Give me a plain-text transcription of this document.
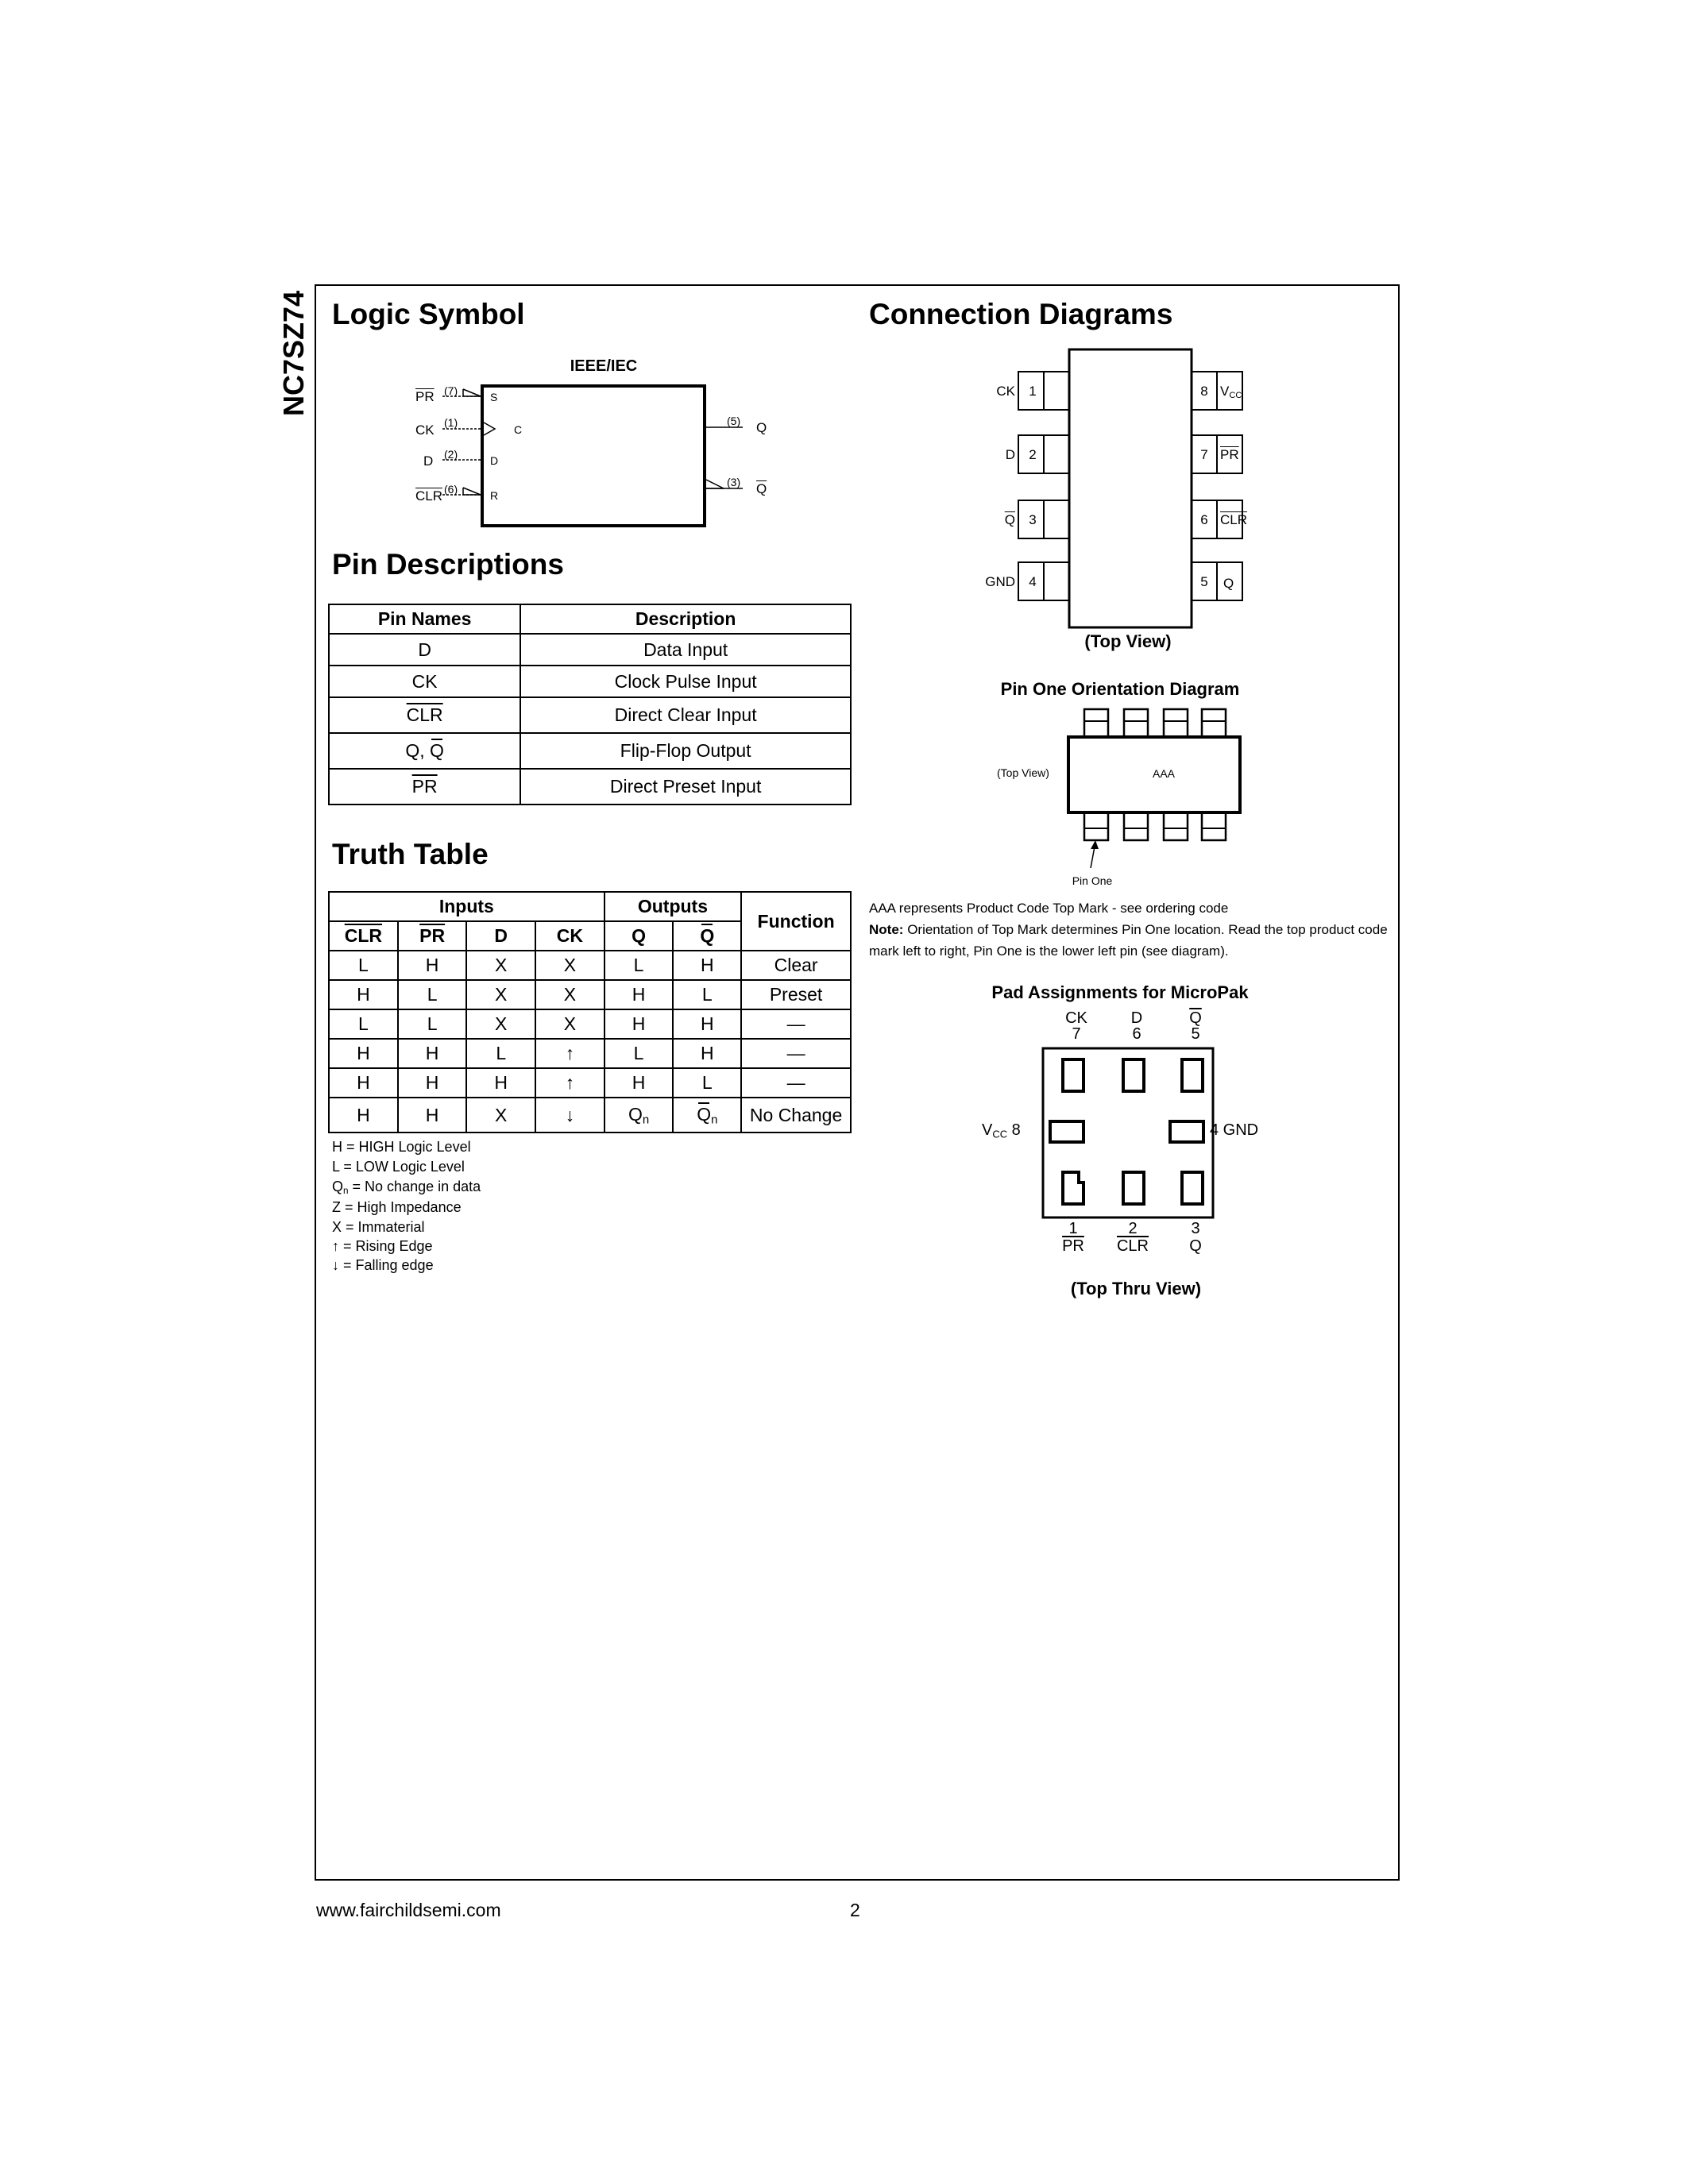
NC7SZ74 Logic Symbol
IEEE/IEC
$\overline{PR}$ (7)	S
CK (1)
C
D (2)	D
$\overline{CLR}$ (6)	R
(5) Q
(3) $\overline{Q}$
Pin Descriptions
Pin Names	Description
D	Data Input
CK	Clock Pulse Input
$\overline{CLR}$	Direct Clear Input
Q, Q	Flip-Flop Output
$\overline{PR}$	Direct Preset Input
Truth Table
Inputs				Outputs		Function
$\overline{CLR}$	$\overline{PR}$	D	CK	Q	Q	
L	H	X	X	L	H	Clear
H	L	X	X	H	L	Preset
L	L	X	X	H	H	—
H	H	L	↑	L	H	—
H	H	H	↑	H	L	—
H	H	X	↓	$Q_n$	$Q_n$	No Change
H = HIGH Logic Level
L = LOW Logic Level
$Q_n = No$ change in data
Z = High Impedance
X = Immaterial
↑ = Rising Edge
↓ = Falling edge
Connection Diagrams
CK	1
D	2
$\overline{Q}$	3
GND	4
8 $V_{CC}$
7 $\overline{PR}$
6 $\overline{CLR}$
5	Q
(Top View)
Pin One Orientation Diagram
(Top View)	AAA
Pin One
AAA represents Product Code Top Mark - see ordering code
Note: Orientation of Top Mark determines Pin One location. Read the top product code mark left to right, Pin One is the lower left pin (see diagram).
Pad Assignments for MicroPak
CK
7
D
6
$\overline{Q}$
5
$V_{CC}$ 8	4 GND
1
$\overline{PR}$
2
$\overline{CLR}$
3
Q
(Top Thru View)
www.fairchildsemi.com	2
